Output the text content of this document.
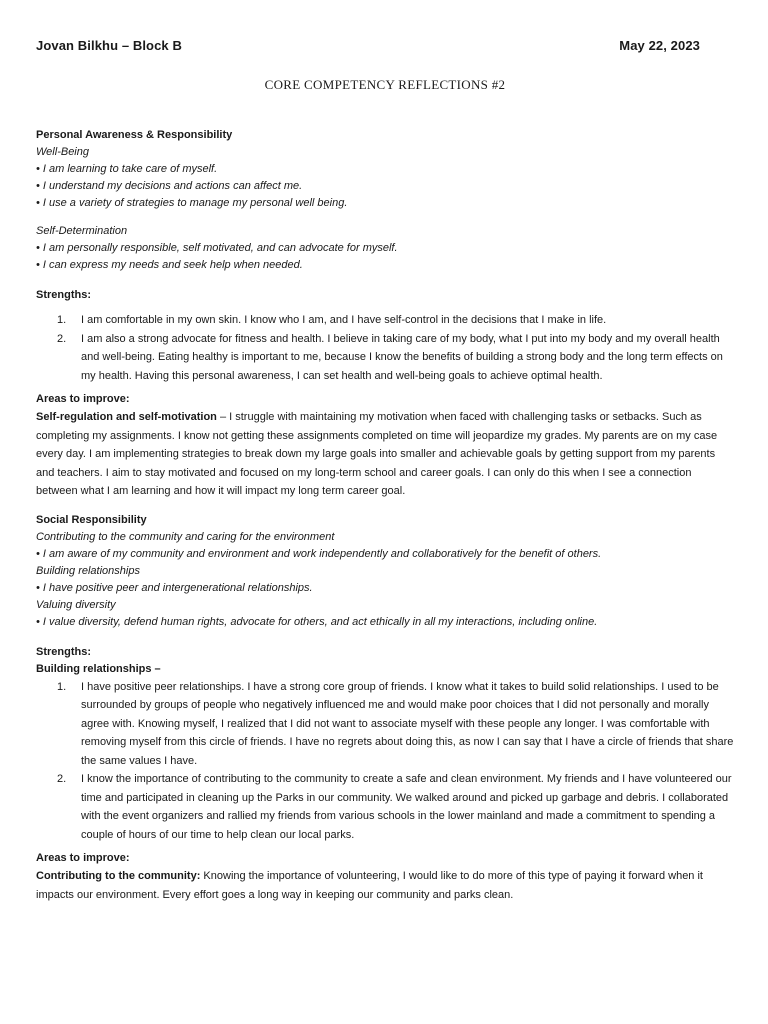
Jovan Bilkhu – Block B	May 22, 2023
CORE COMPETENCY REFLECTIONS #2
Personal Awareness & Responsibility
Well-Being
• I am learning to take care of myself.
• I understand my decisions and actions can affect me.
• I use a variety of strategies to manage my personal well being.
Self-Determination
• I am personally responsible, self motivated, and can advocate for myself.
• I can express my needs and seek help when needed.
Strengths:
1. I am comfortable in my own skin. I know who I am, and I have self-control in the decisions that I make in life.
2. I am also a strong advocate for fitness and health. I believe in taking care of my body, what I put into my body and my overall health and well-being. Eating healthy is important to me, because I know the benefits of building a strong body and the long term effects on my health. Having this personal awareness, I can set health and well-being goals to achieve optimal health.
Areas to improve:
Self-regulation and self-motivation – I struggle with maintaining my motivation when faced with challenging tasks or setbacks. Such as completing my assignments. I know not getting these assignments completed on time will jeopardize my grades. My parents are on my case every day. I am implementing strategies to break down my large goals into smaller and achievable goals by getting support from my parents and teachers. I aim to stay motivated and focused on my long-term school and career goals. I can only do this when I see a connection between what I am learning and how it will impact my long term career goal.
Social Responsibility
Contributing to the community and caring for the environment
• I am aware of my community and environment and work independently and collaboratively for the benefit of others.
Building relationships
• I have positive peer and intergenerational relationships.
Valuing diversity
• I value diversity, defend human rights, advocate for others, and act ethically in all my interactions, including online.
Strengths:
Building relationships –
1. I have positive peer relationships. I have a strong core group of friends. I know what it takes to build solid relationships. I used to be surrounded by groups of people who negatively influenced me and would make poor choices that I did not personally and morally agree with. Knowing myself, I realized that I did not want to associate myself with these people any longer. I was comfortable with removing myself from this circle of friends. I have no regrets about doing this, as now I can say that I have a circle of friends that share the same values I have.
2. I know the importance of contributing to the community to create a safe and clean environment. My friends and I have volunteered our time and participated in cleaning up the Parks in our community. We walked around and picked up garbage and debris. I collaborated with the event organizers and rallied my friends from various schools in the lower mainland and made a commitment to spending a couple of hours of our time to help clean our local parks.
Areas to improve:
Contributing to the community: Knowing the importance of volunteering, I would like to do more of this type of paying it forward when it impacts our environment. Every effort goes a long way in keeping our community and parks clean.
